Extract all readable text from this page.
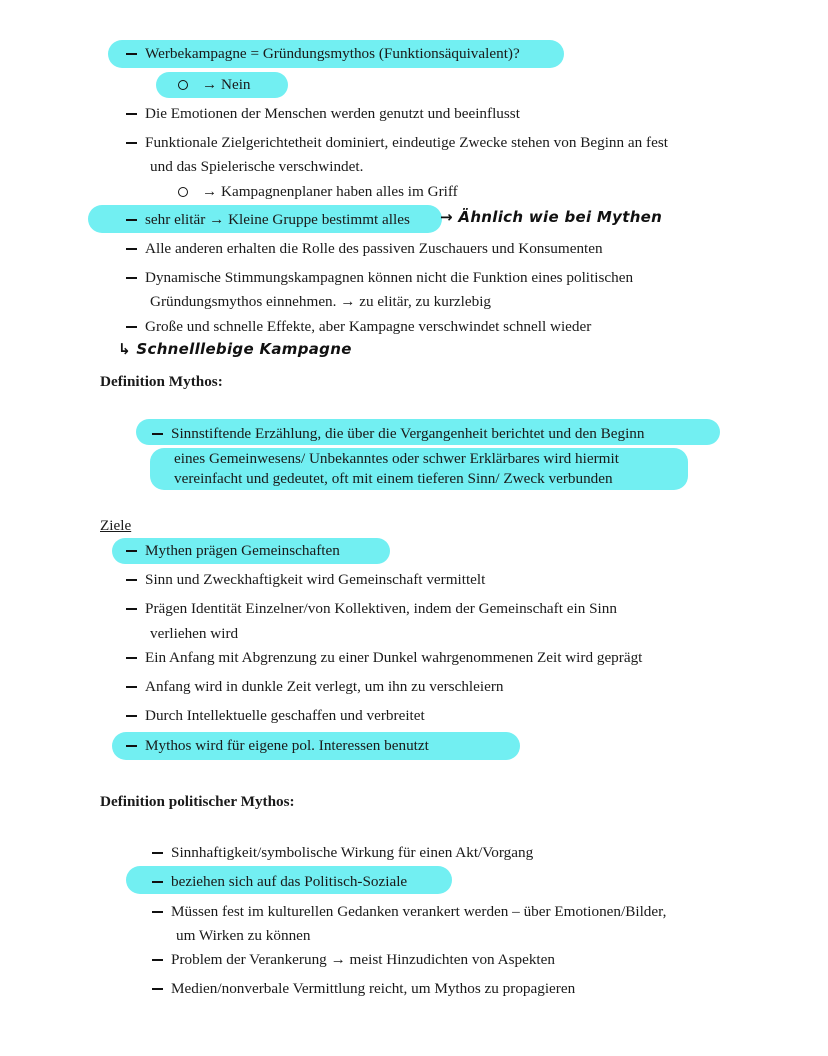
Werbekampagne = Gründungsmythos (Funktionsäquivalent)?
→ Nein
Die Emotionen der Menschen werden genutzt und beeinflusst
Funktionale Zielgerichtetheit dominiert, eindeutige Zwecke stehen von Beginn an fest
und das Spielerische verschwindet.
→ Kampagnenplaner haben alles im Griff
sehr elitär → Kleine Gruppe bestimmt alles → Ähnlich wie bei Mythen
Alle anderen erhalten die Rolle des passiven Zuschauers und Konsumenten
Dynamische Stimmungskampagnen können nicht die Funktion eines politischen
Gründungsmythos einnehmen. → zu elitär, zu kurzlebig
Große und schnelle Effekte, aber Kampagne verschwindet schnell wieder
↳ Schnelllebige Kampagne
Definition Mythos:
Sinnstiftende Erzählung, die über die Vergangenheit berichtet und den Beginn
eines Gemeinwesens/ Unbekanntes oder schwer Erklärbares wird hiermit
vereinfacht und gedeutet, oft mit einem tieferen Sinn/ Zweck verbunden
Ziele
Mythen prägen Gemeinschaften
Sinn und Zweckhaftigkeit wird Gemeinschaft vermittelt
Prägen Identität Einzelner/von Kollektiven, indem der Gemeinschaft ein Sinn
verliehen wird
Ein Anfang mit Abgrenzung zu einer Dunkel wahrgenommenen Zeit wird geprägt
Anfang wird in dunkle Zeit verlegt, um ihn zu verschleiern
Durch Intellektuelle geschaffen und verbreitet
Mythos wird für eigene pol. Interessen benutzt
Definition politischer Mythos:
Sinnhaftigkeit/symbolische Wirkung für einen Akt/Vorgang
beziehen sich auf das Politisch-Soziale
Müssen fest im kulturellen Gedanken verankert werden – über Emotionen/Bilder,
um Wirken zu können
Problem der Verankerung → meist Hinzudichten von Aspekten
Medien/nonverbale Vermittlung reicht, um Mythos zu propagieren
